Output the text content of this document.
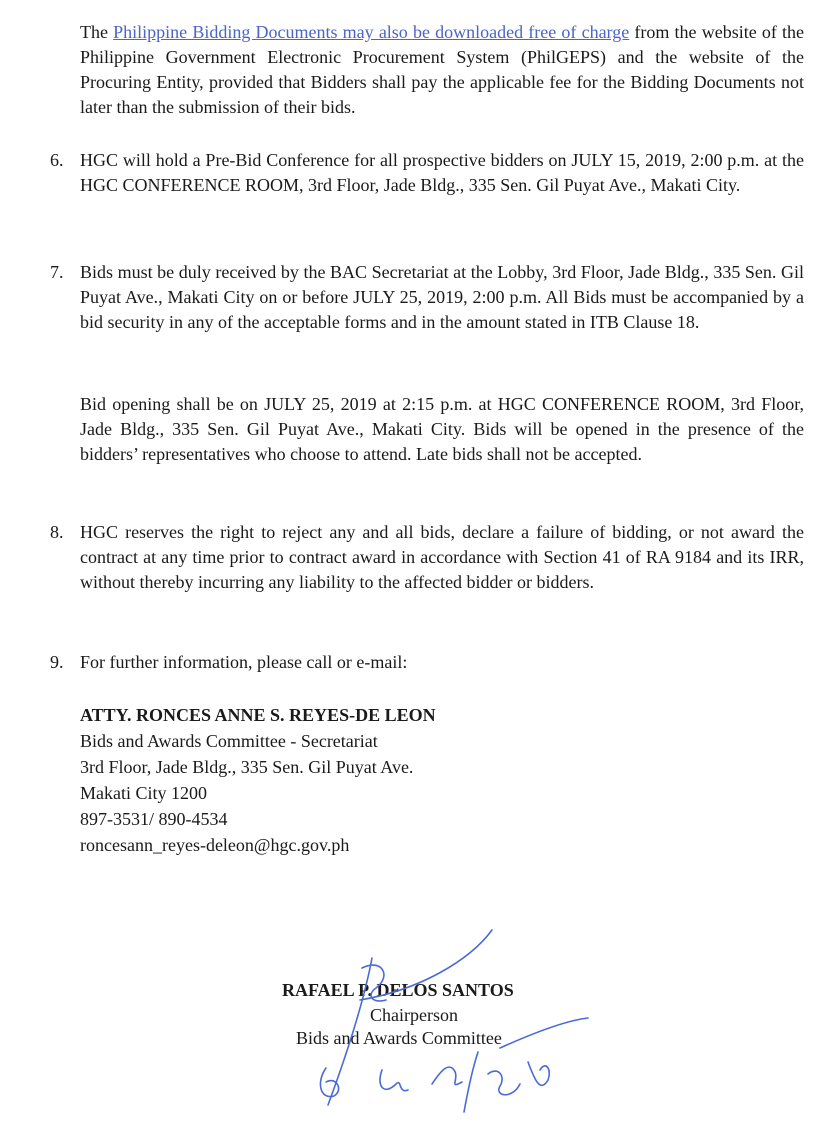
The Philippine Bidding Documents may also be downloaded free of charge from the website of the Philippine Government Electronic Procurement System (PhilGEPS) and the website of the Procuring Entity, provided that Bidders shall pay the applicable fee for the Bidding Documents not later than the submission of their bids.

6. HGC will hold a Pre-Bid Conference for all prospective bidders on JULY 15, 2019, 2:00 p.m. at the HGC CONFERENCE ROOM, 3rd Floor, Jade Bldg., 335 Sen. Gil Puyat Ave., Makati City.

7. Bids must be duly received by the BAC Secretariat at the Lobby, 3rd Floor, Jade Bldg., 335 Sen. Gil Puyat Ave., Makati City on or before JULY 25, 2019, 2:00 p.m. All Bids must be accompanied by a bid security in any of the acceptable forms and in the amount stated in ITB Clause 18.

Bid opening shall be on JULY 25, 2019 at 2:15 p.m. at HGC CONFERENCE ROOM, 3rd Floor, Jade Bldg., 335 Sen. Gil Puyat Ave., Makati City. Bids will be opened in the presence of the bidders’ representatives who choose to attend. Late bids shall not be accepted.

8. HGC reserves the right to reject any and all bids, declare a failure of bidding, or not award the contract at any time prior to contract award in accordance with Section 41 of RA 9184 and its IRR, without thereby incurring any liability to the affected bidder or bidders.

9. For further information, please call or e-mail:

ATTY. RONCES ANNE S. REYES-DE LEON
Bids and Awards Committee - Secretariat
3rd Floor, Jade Bldg., 335 Sen. Gil Puyat Ave.
Makati City 1200
897-3531/ 890-4534
roncesann_reyes-deleon@hgc.gov.ph
RAFAEL P. DELOS SANTOS
Chairperson
Bids and Awards Committee
